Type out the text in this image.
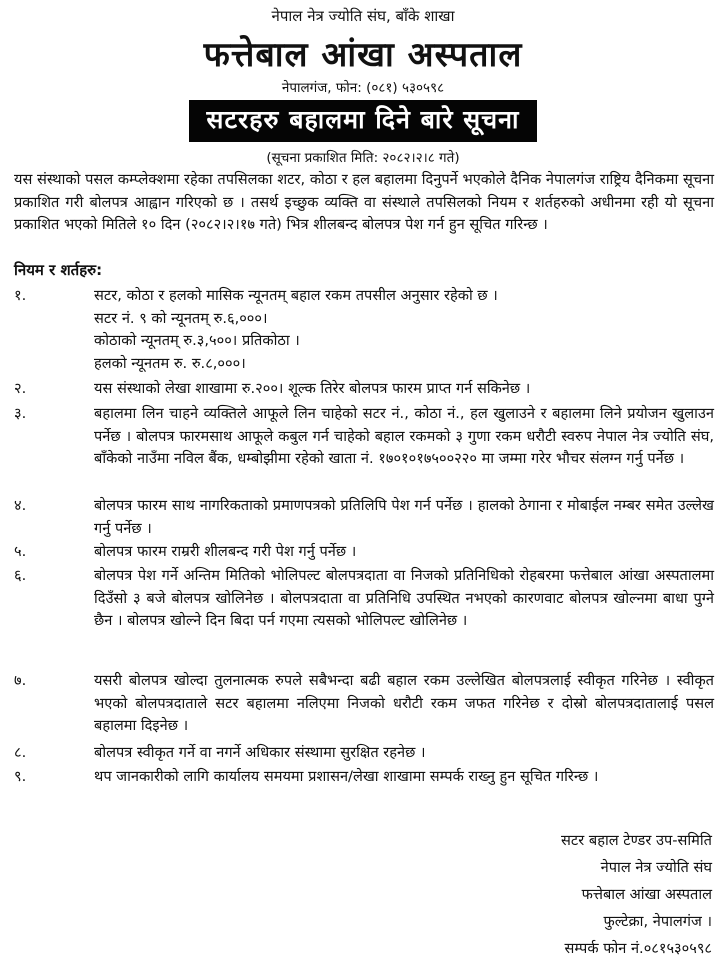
नेपाल नेत्र ज्योति संघ, बाँके शाखा
फत्तेबाल आंखा अस्पताल
नेपालगंज, फोन: (०८१) ५३०५९८
सटरहरु बहालमा दिने बारे सूचना
(सूचना प्रकाशित मिति: २०८२।२।८ गते)
यस संस्थाको पसल कम्प्लेक्शमा रहेका तपसिलका शटर, कोठा र हल बहालमा दिनुपर्ने भएकोले दैनिक नेपालगंज राष्ट्रिय दैनिकमा सूचना प्रकाशित गरी बोलपत्र आह्वान गरिएको छ । तसर्थ इच्छुक व्यक्ति वा संस्थाले तपसिलको नियम र शर्तहरुको अधीनमा रही यो सूचना प्रकाशित भएको मितिले १० दिन (२०८२।२।१७ गते) भित्र शीलबन्द बोलपत्र पेश गर्न हुन सूचित गरिन्छ ।
नियम र शर्तहरु:
१.	सटर, कोठा र हलको मासिक न्यूनतम् बहाल रकम तपसील अनुसार रहेको छ ।
सटर नं. ९ को न्यूनतम् रु.६,०००।
कोठाको न्यूनतम् रु.३,५००। प्रतिकोठा ।
हलको न्यूनतम रु. रु.८,०००।
२.	यस संस्थाको लेखा शाखामा रु.२००। शूल्क तिरेर बोलपत्र फारम प्राप्त गर्न सकिनेछ ।
३.	बहालमा लिन चाहने व्यक्तिले आफूले लिन चाहेको सटर नं., कोठा नं., हल खुलाउने र बहालमा लिने प्रयोजन खुलाउन पर्नेछ । बोलपत्र फारमसाथ आफूले कबुल गर्न चाहेको बहाल रकमको ३ गुणा रकम धरौटी स्वरुप नेपाल नेत्र ज्योति संघ, बाँकेको नाउँमा नविल बैंक, धम्बोझीमा रहेको खाता नं. १७०१०१७५००२२० मा जम्मा गरेर भौचर संलग्न गर्नु पर्नेछ ।
४.	बोलपत्र फारम साथ नागरिकताको प्रमाणपत्रको प्रतिलिपि पेश गर्न पर्नेछ । हालको ठेगाना र मोबाईल नम्बर समेत उल्लेख गर्नु पर्नेछ ।
५.	बोलपत्र फारम राम्ररी शीलबन्द गरी पेश गर्नु पर्नेछ ।
६.	बोलपत्र पेश गर्ने अन्तिम मितिको भोलिपल्ट बोलपत्रदाता वा निजको प्रतिनिधिको रोहबरमा फत्तेबाल आंखा अस्पतालमा दिउँसो ३ बजे बोलपत्र खोलिनेछ । बोलपत्रदाता वा प्रतिनिधि उपस्थित नभएको कारणवाट बोलपत्र खोल्नमा बाधा पुग्ने छैन । बोलपत्र खोल्ने दिन बिदा पर्न गएमा त्यसको भोलिपल्ट खोलिनेछ ।
७.	यसरी बोलपत्र खोल्दा तुलनात्मक रुपले सबैभन्दा बढी बहाल रकम उल्लेखित बोलपत्रलाई स्वीकृत गरिनेछ । स्वीकृत भएको बोलपत्रदाताले सटर बहालमा नलिएमा निजको धरौटी रकम जफत गरिनेछ र दोस्रो बोलपत्रदातालाई पसल बहालमा दिइनेछ ।
८.	बोलपत्र स्वीकृत गर्ने वा नगर्ने अधिकार संस्थामा सुरक्षित रहनेछ ।
९.	थप जानकारीको लागि कार्यालय समयमा प्रशासन/लेखा शाखामा सम्पर्क राख्नु हुन सूचित गरिन्छ ।
सटर बहाल टेण्डर उप-समिति
नेपाल नेत्र ज्योति संघ
फत्तेबाल आंखा अस्पताल
फुल्टेक्रा, नेपालगंज ।
सम्पर्क फोन नं.०८१५३०५९८
